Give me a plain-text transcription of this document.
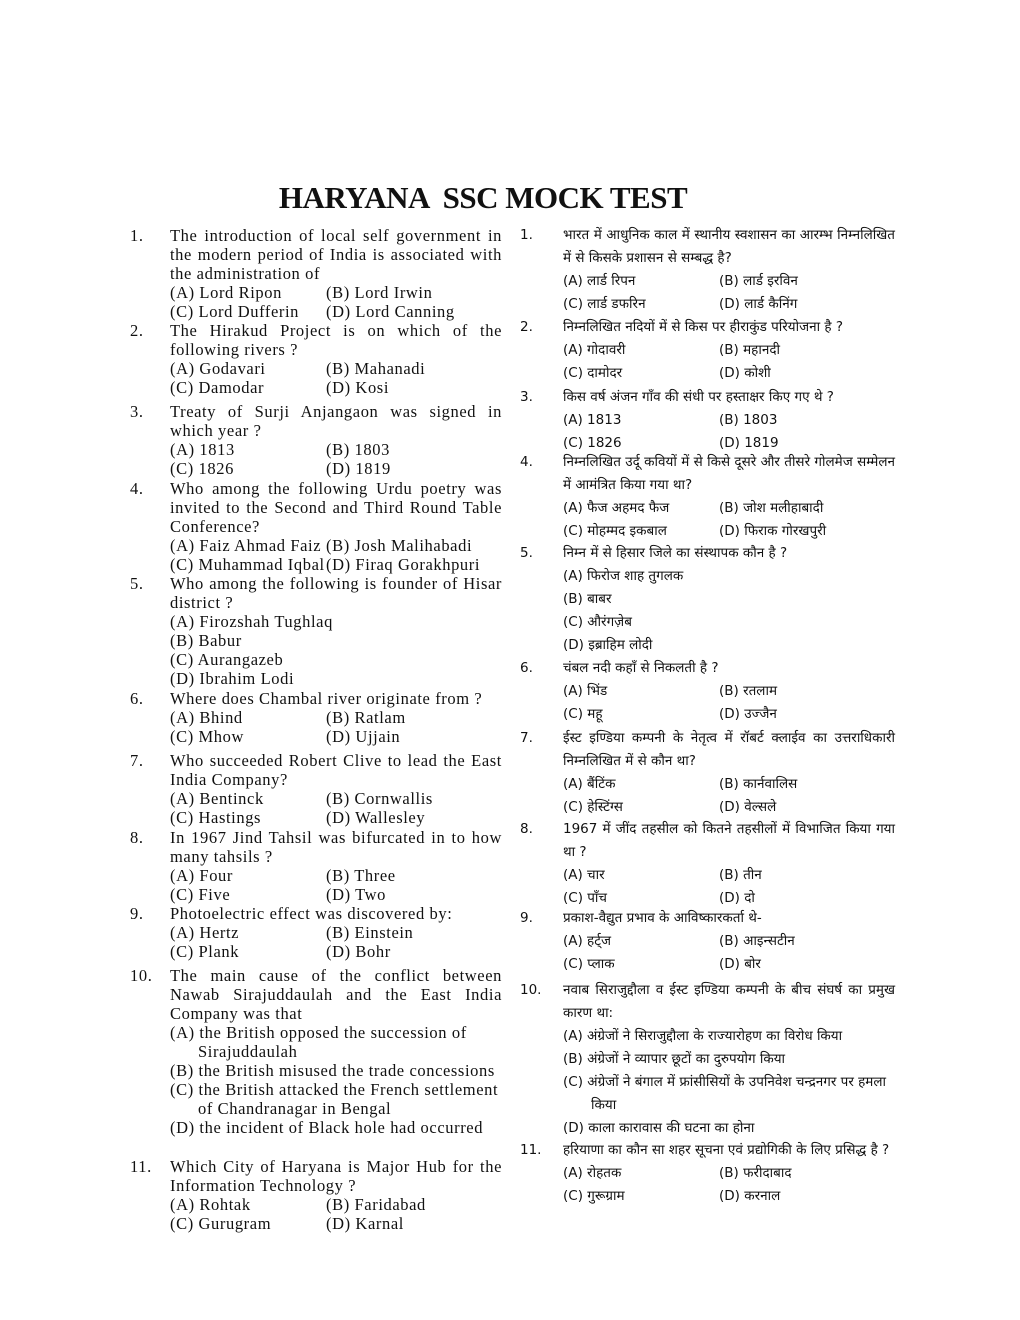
HARYANA  SSC MOCK TEST
1. The introduction of local self government in the modern period of India is associated with the administration of
(A) Lord Ripon	(B) Lord Irwin
(C) Lord Dufferin	(D) Lord Canning
2. The Hirakud Project is on which of the following rivers ?
(A) Godavari	(B) Mahanadi
(C) Damodar	(D) Kosi
3. Treaty of Surji Anjangaon was signed in which year ?
(A) 1813	(B) 1803
(C) 1826	(D) 1819
4. Who among the following Urdu poetry was invited to the Second and Third Round Table Conference?
(A) Faiz Ahmad Faiz (B) Josh Malihabadi
(C) Muhammad Iqbal (D) Firaq Gorakhpuri
5. Who among the following is founder of Hisar district ?
(A) Firozshah Tughlaq
(B) Babur
(C) Aurangazeb
(D) Ibrahim Lodi
6. Where does Chambal river originate from ?
(A) Bhind	(B) Ratlam
(C) Mhow	(D) Ujjain
7. Who succeeded Robert Clive to lead the East India Company?
(A) Bentinck	(B) Cornwallis
(C) Hastings	(D) Wallesley
8. In 1967 Jind Tahsil was bifurcated in to how many tahsils ?
(A) Four	(B) Three
(C) Five	(D) Two
9. Photoelectric effect was discovered by:
(A) Hertz	(B) Einstein
(C) Plank	(D) Bohr
10. The main cause of the conflict between Nawab Sirajuddaulah and the East India Company was that
(A) the British opposed the succession of Sirajuddaulah
(B) the British misused the trade concessions
(C) the British attacked the French settlement of Chandranagar in Bengal
(D) the incident of Black hole had occurred
11. Which City of Haryana is Major Hub for the Information Technology ?
(A) Rohtak	(B) Faridabad
(C) Gurugram	(D) Karnal
1. भारत में आधुनिक काल में स्थानीय स्वशासन का आरम्भ निम्नलिखित में से किसके प्रशासन से सम्बद्ध है?
(A) लार्ड रिपन	(B) लार्ड इरविन
(C) लार्ड डफरिन	(D) लार्ड कैनिंग
2. निम्नलिखित नदियों में से किस पर हीराकुंड परियोजना है ?
(A) गोदावरी	(B) महानदी
(C) दामोदर	(D) कोशी
3. किस वर्ष अंजन गाँव की संधी पर हस्ताक्षर किए गए थे ?
(A) 1813	(B) 1803
(C) 1826	(D) 1819
4. निम्नलिखित उर्दू कवियों में से किसे दूसरे और तीसरे गोलमेज सम्मेलन में आमंत्रित किया गया था?
(A) फैज अहमद फैज	(B) जोश मलीहाबादी
(C) मोहम्मद इकबाल	(D) फिराक गोरखपुरी
5. निम्न में से हिसार जिले का संस्थापक कौन है ?
(A) फिरोज शाह तुगलक
(B) बाबर
(C) औरंगज़ेब
(D) इब्राहिम लोदी
6. चंबल नदी कहाँ से निकलती है ?
(A) भिंड	(B) रतलाम
(C) महू	(D) उज्जैन
7. ईस्ट इण्डिया कम्पनी के नेतृत्व में रॉबर्ट क्लाईव का उत्तराधिकारी निम्नलिखित में से कौन था?
(A) बैंटिंक	(B) कार्नवालिस
(C) हेस्टिंग्स	(D) वेल्सले
8. 1967 में जींद तहसील को कितने तहसीलों में विभाजित किया गया था ?
(A) चार	(B) तीन
(C) पाँच	(D) दो
9. प्रकाश-वैद्युत प्रभाव के आविष्कारकर्ता थे-
(A) हर्ट्ज	(B) आइन्सटीन
(C) प्लाक	(D) बोर
10. नवाब सिराजुद्दौला व ईस्ट इण्डिया कम्पनी के बीच संघर्ष का प्रमुख कारण था:
(A) अंग्रेजों ने सिराजुद्दौला के राज्यारोहण का विरोध किया
(B) अंग्रेजों ने व्यापार छूटों का दुरुपयोग किया
(C) अंग्रेजों ने बंगाल में फ्रांसीसियों के उपनिवेश चन्द्रनगर पर हमला किया
(D) काला कारावास की घटना का होना
11. हरियाणा का कौन सा शहर सूचना एवं प्रद्योगिकी के लिए प्रसिद्ध है ?
(A) रोहतक	(B) फरीदाबाद
(C) गुरूग्राम	(D) करनाल
